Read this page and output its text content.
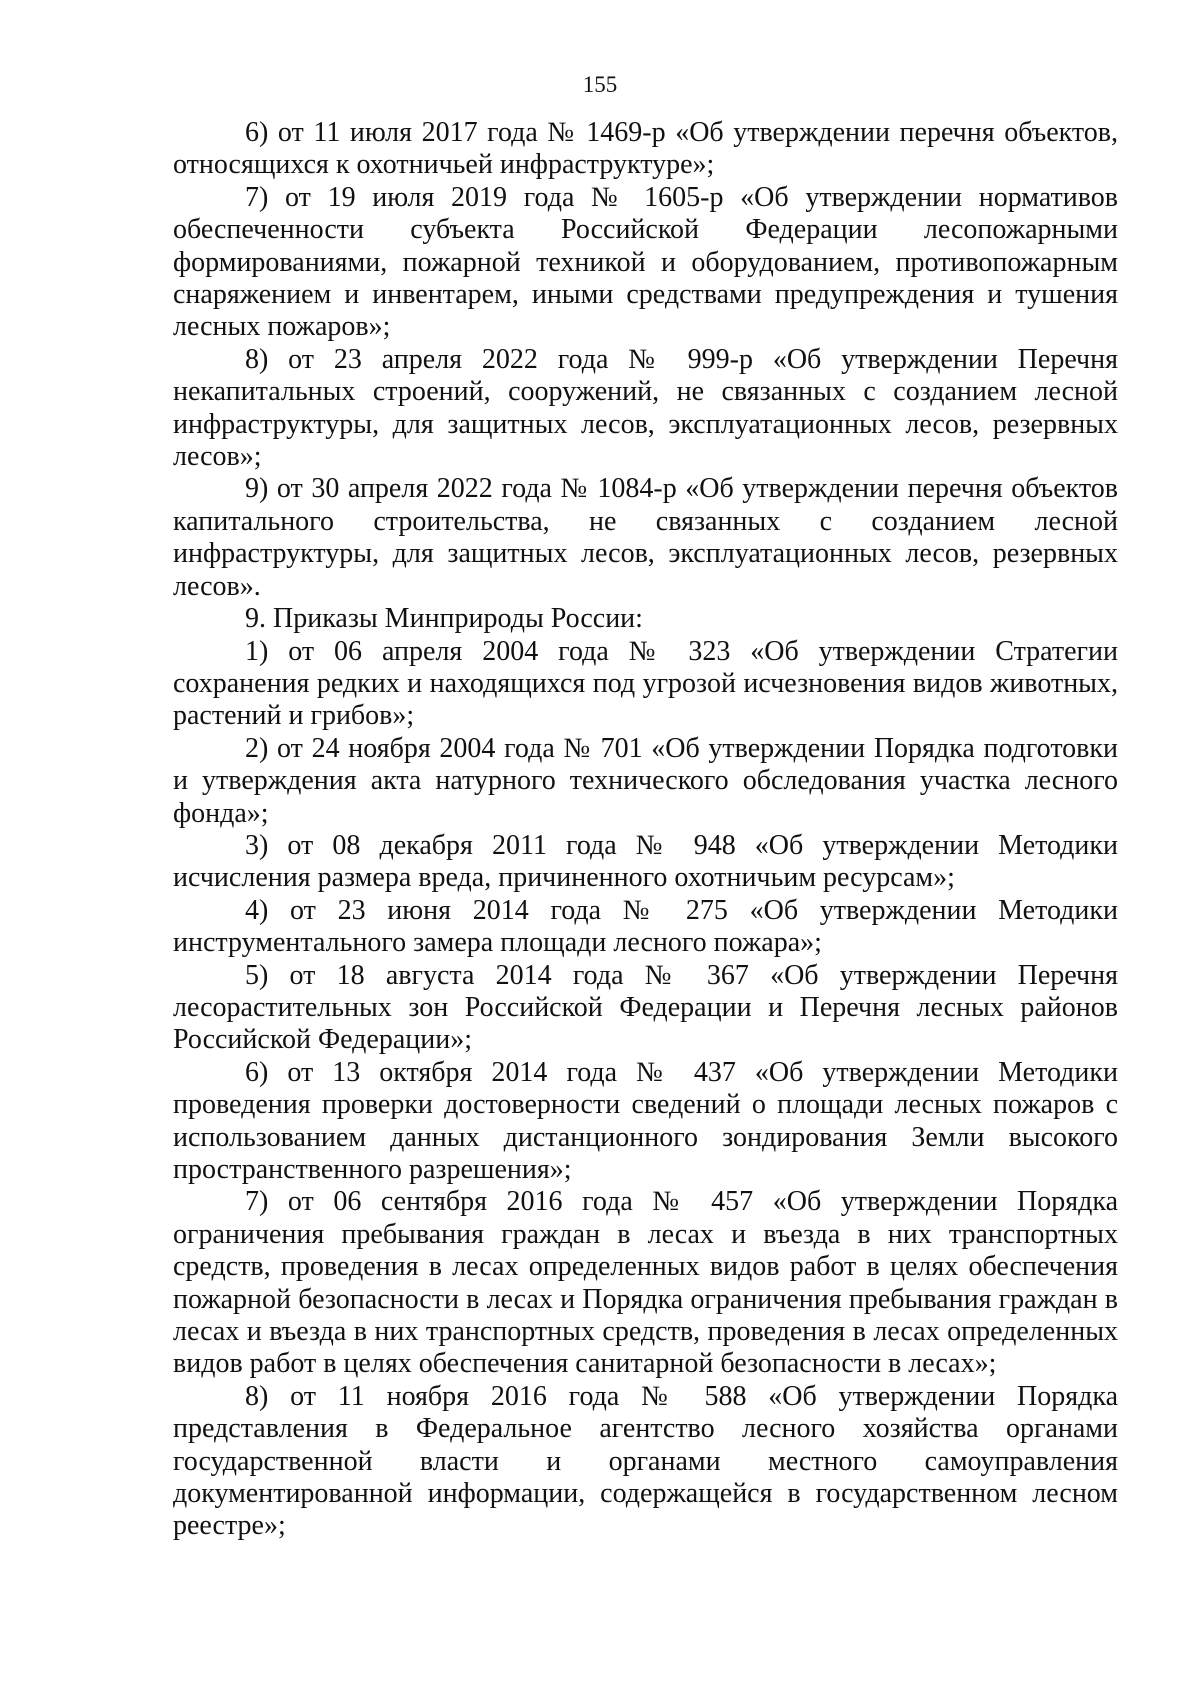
155

6) от 11 июля 2017 года № 1469-р «Об утверждении перечня объектов, относящихся к охотничьей инфраструктуре»;

7) от 19 июля 2019 года № 1605-р «Об утверждении нормативов обеспеченности субъекта Российской Федерации лесопожарными формированиями, пожарной техникой и оборудованием, противопожарным снаряжением и инвентарем, иными средствами предупреждения и тушения лесных пожаров»;

8) от 23 апреля 2022 года № 999-р «Об утверждении Перечня некапитальных строений, сооружений, не связанных с созданием лесной инфраструктуры, для защитных лесов, эксплуатационных лесов, резервных лесов»;

9) от 30 апреля 2022 года № 1084-р «Об утверждении перечня объектов капитального строительства, не связанных с созданием лесной инфраструктуры, для защитных лесов, эксплуатационных лесов, резервных лесов».

9. Приказы Минприроды России:

1) от 06 апреля 2004 года № 323 «Об утверждении Стратегии сохранения редких и находящихся под угрозой исчезновения видов животных, растений и грибов»;

2) от 24 ноября 2004 года № 701 «Об утверждении Порядка подготовки и утверждения акта натурного технического обследования участка лесного фонда»;

3) от 08 декабря 2011 года № 948 «Об утверждении Методики исчисления размера вреда, причиненного охотничьим ресурсам»;

4) от 23 июня 2014 года № 275 «Об утверждении Методики инструментального замера площади лесного пожара»;

5) от 18 августа 2014 года № 367 «Об утверждении Перечня лесорастительных зон Российской Федерации и Перечня лесных районов Российской Федерации»;

6) от 13 октября 2014 года № 437 «Об утверждении Методики проведения проверки достоверности сведений о площади лесных пожаров с использованием данных дистанционного зондирования Земли высокого пространственного разрешения»;

7) от 06 сентября 2016 года № 457 «Об утверждении Порядка ограничения пребывания граждан в лесах и въезда в них транспортных средств, проведения в лесах определенных видов работ в целях обеспечения пожарной безопасности в лесах и Порядка ограничения пребывания граждан в лесах и въезда в них транспортных средств, проведения в лесах определенных видов работ в целях обеспечения санитарной безопасности в лесах»;

8) от 11 ноября 2016 года № 588 «Об утверждении Порядка представления в Федеральное агентство лесного хозяйства органами государственной власти и органами местного самоуправления документированной информации, содержащейся в государственном лесном реестре»;
